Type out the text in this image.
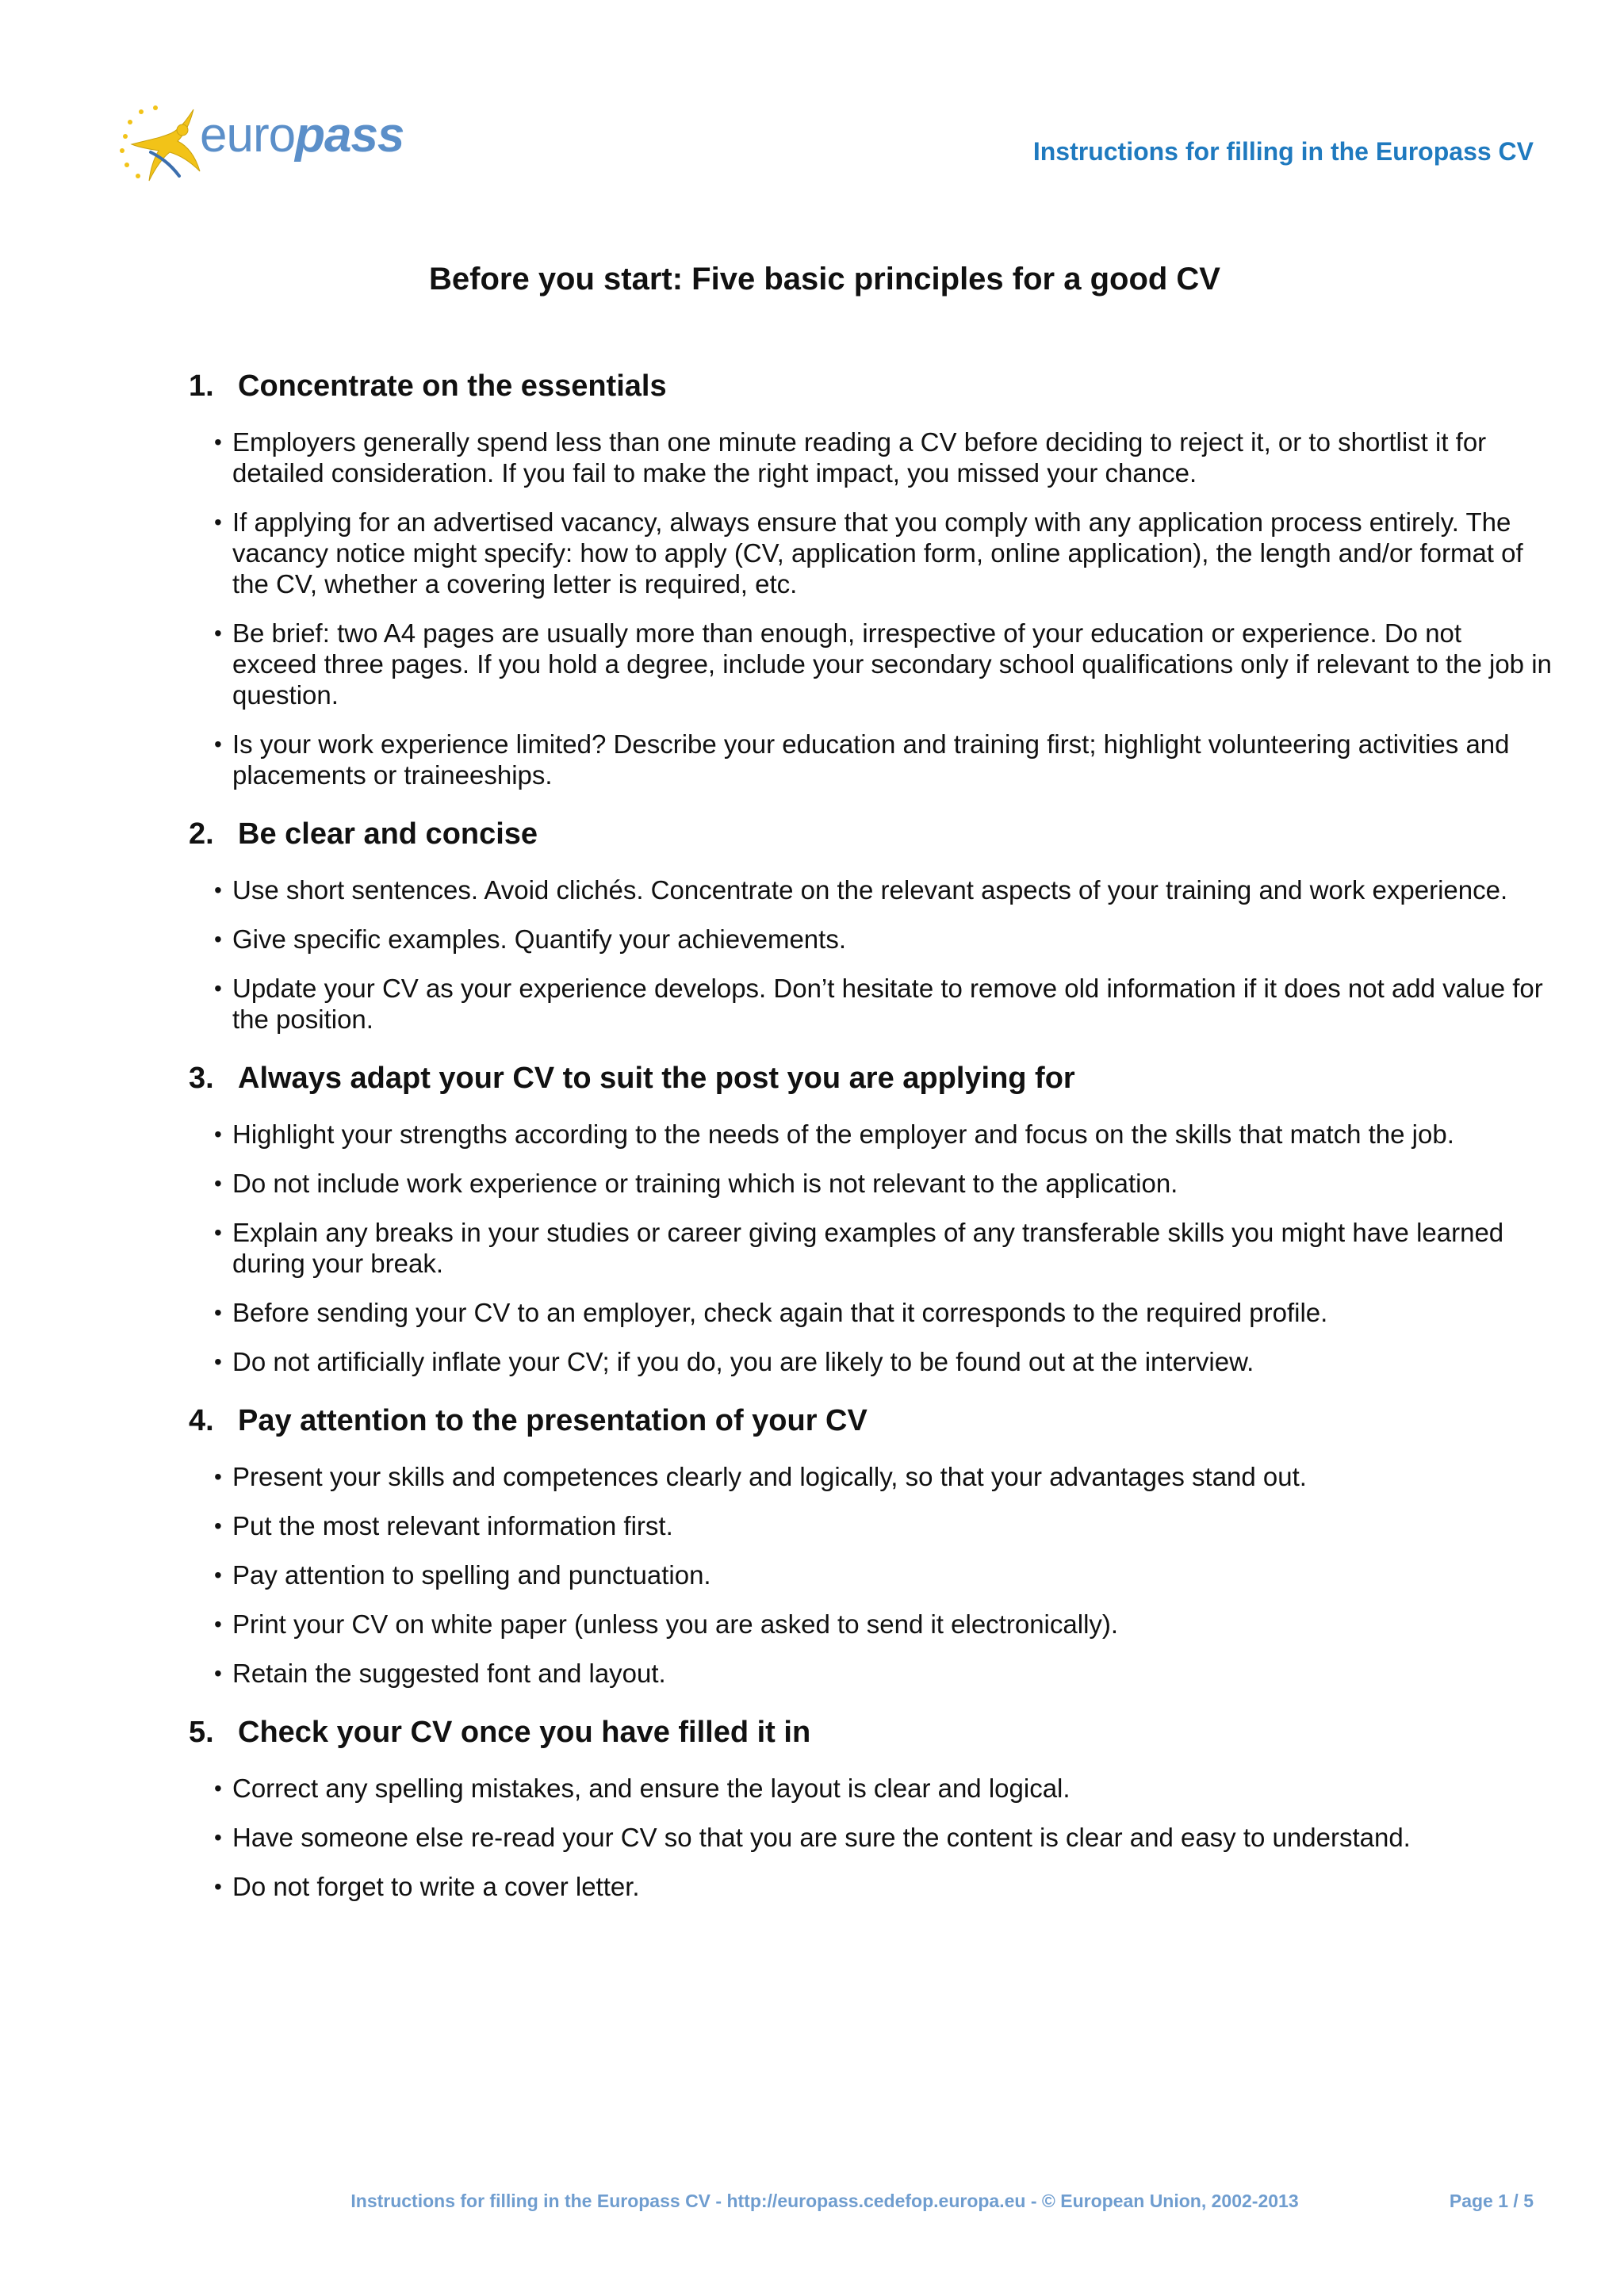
europass	Instructions for filling in the Europass CV
Before you start: Five basic principles for a good CV
1. Concentrate on the essentials
• Employers generally spend less than one minute reading a CV before deciding to reject it, or to shortlist it for detailed consideration. If you fail to make the right impact, you missed your chance.
• If applying for an advertised vacancy, always ensure that you comply with any application process entirely. The vacancy notice might specify: how to apply (CV, application form, online application), the length and/or format of the CV, whether a covering letter is required, etc.
• Be brief: two A4 pages are usually more than enough, irrespective of your education or experience. Do not exceed three pages. If you hold a degree, include your secondary school qualifications only if relevant to the job in question.
• Is your work experience limited? Describe your education and training first; highlight volunteering activities and placements or traineeships.
2. Be clear and concise
• Use short sentences. Avoid clichés. Concentrate on the relevant aspects of your training and work experience.
• Give specific examples. Quantify your achievements.
• Update your CV as your experience develops. Don’t hesitate to remove old information if it does not add value for the position.
3. Always adapt your CV to suit the post you are applying for
• Highlight your strengths according to the needs of the employer and focus on the skills that match the job.
• Do not include work experience or training which is not relevant to the application.
• Explain any breaks in your studies or career giving examples of any transferable skills you might have learned during your break.
• Before sending your CV to an employer, check again that it corresponds to the required profile.
• Do not artificially inflate your CV; if you do, you are likely to be found out at the interview.
4. Pay attention to the presentation of your CV
• Present your skills and competences clearly and logically, so that your advantages stand out.
• Put the most relevant information first.
• Pay attention to spelling and punctuation.
• Print your CV on white paper (unless you are asked to send it electronically).
• Retain the suggested font and layout.
5. Check your CV once you have filled it in
• Correct any spelling mistakes, and ensure the layout is clear and logical.
• Have someone else re-read your CV so that you are sure the content is clear and easy to understand.
• Do not forget to write a cover letter.
Instructions for filling in the Europass CV - http://europass.cedefop.europa.eu - © European Union, 2002-2013	Page 1 / 5
